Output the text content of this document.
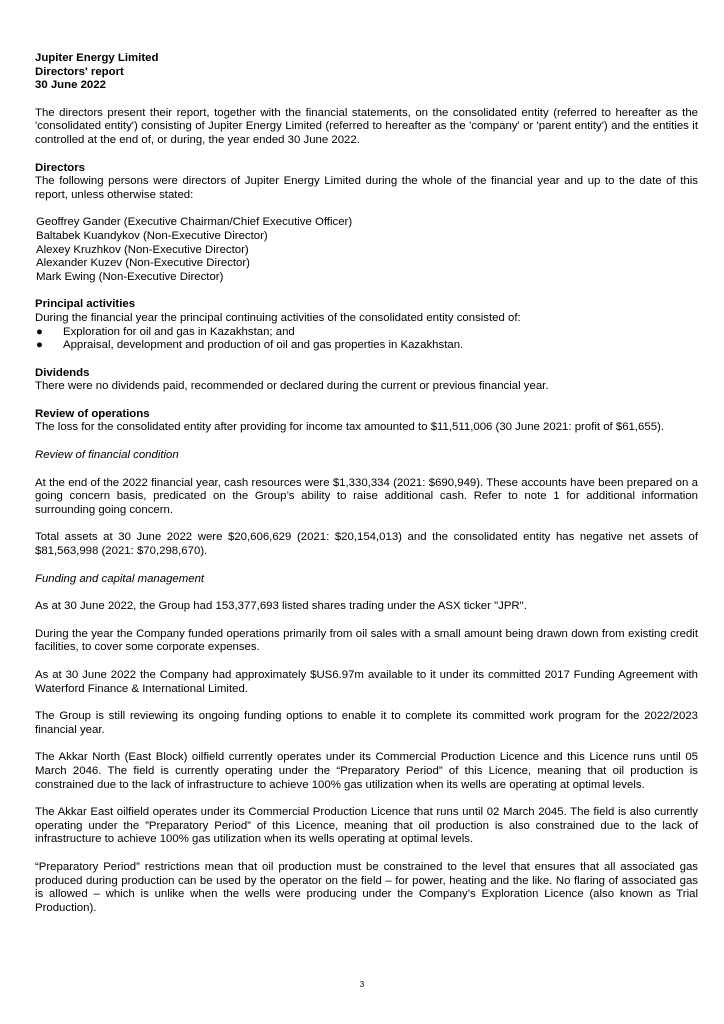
Jupiter Energy Limited
Directors' report
30 June 2022

The directors present their report, together with the financial statements, on the consolidated entity (referred to hereafter as the 'consolidated entity') consisting of Jupiter Energy Limited (referred to hereafter as the 'company' or 'parent entity') and the entities it controlled at the end of, or during, the year ended 30 June 2022.

Directors

The following persons were directors of Jupiter Energy Limited during the whole of the financial year and up to the date of this report, unless otherwise stated:

Geoffrey Gander (Executive Chairman/Chief Executive Officer)
Baltabek Kuandykov (Non-Executive Director)
Alexey Kruzhkov (Non-Executive Director)
Alexander Kuzev (Non-Executive Director)
Mark Ewing (Non-Executive Director)
Principal activities

During the financial year the principal continuing activities of the consolidated entity consisted of:

●	Exploration for oil and gas in Kazakhstan; and
●	Appraisal, development and production of oil and gas properties in Kazakhstan.
Dividends

There were no dividends paid, recommended or declared during the current or previous financial year.

Review of operations

The loss for the consolidated entity after providing for income tax amounted to $11,511,006 (30 June 2021: profit of $61,655).

Review of financial condition

At the end of the 2022 financial year, cash resources were $1,330,334 (2021: $690,949). These accounts have been prepared on a going concern basis, predicated on the Group’s ability to raise additional cash. Refer to note 1 for additional information surrounding going concern.

Total assets at 30 June 2022 were $20,606,629 (2021: $20,154,013) and the consolidated entity has negative net assets of $81,563,998 (2021: $70,298,670).

Funding and capital management

As at 30 June 2022, the Group had 153,377,693 listed shares trading under the ASX ticker "JPR".

During the year the Company funded operations primarily from oil sales with a small amount being drawn down from existing credit facilities, to cover some corporate expenses.

As at 30 June 2022 the Company had approximately $US6.97m available to it under its committed 2017 Funding Agreement with Waterford Finance & International Limited.

The Group is still reviewing its ongoing funding options to enable it to complete its committed work program for the 2022/2023 financial year.

The Akkar North (East Block) oilfield currently operates under its Commercial Production Licence and this Licence runs until 05 March 2046. The field is currently operating under the “Preparatory Period” of this Licence, meaning that oil production is constrained due to the lack of infrastructure to achieve 100% gas utilization when its wells are operating at optimal levels.

The Akkar East oilfield operates under its Commercial Production Licence that runs until 02 March 2045. The field is also currently operating under the ”Preparatory Period” of this Licence, meaning that oil production is also constrained due to the lack of infrastructure to achieve 100% gas utilization when its wells operating at optimal levels.

“Preparatory Period” restrictions mean that oil production must be constrained to the level that ensures that all associated gas produced during production can be used by the operator on the field – for power, heating and the like. No flaring of associated gas is allowed – which is unlike when the wells were producing under the Company’s Exploration Licence (also known as Trial Production).

3
